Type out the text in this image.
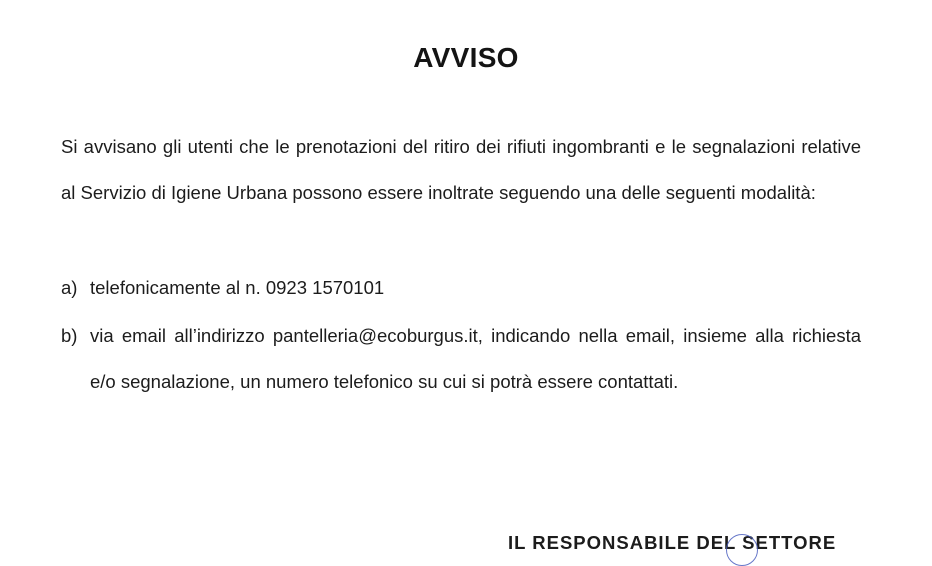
AVVISO
Si avvisano gli utenti che le prenotazioni del ritiro dei rifiuti ingombranti e le segnalazioni relative al Servizio di Igiene Urbana possono essere inoltrate seguendo una delle seguenti modalità:
a) telefonicamente al n. 0923 1570101
b) via email all’indirizzo pantelleria@ecoburgus.it, indicando nella email, insieme alla richiesta e/o segnalazione, un numero telefonico su cui si potrà essere contattati.
IL RESPONSABILE DEL SETTORE
